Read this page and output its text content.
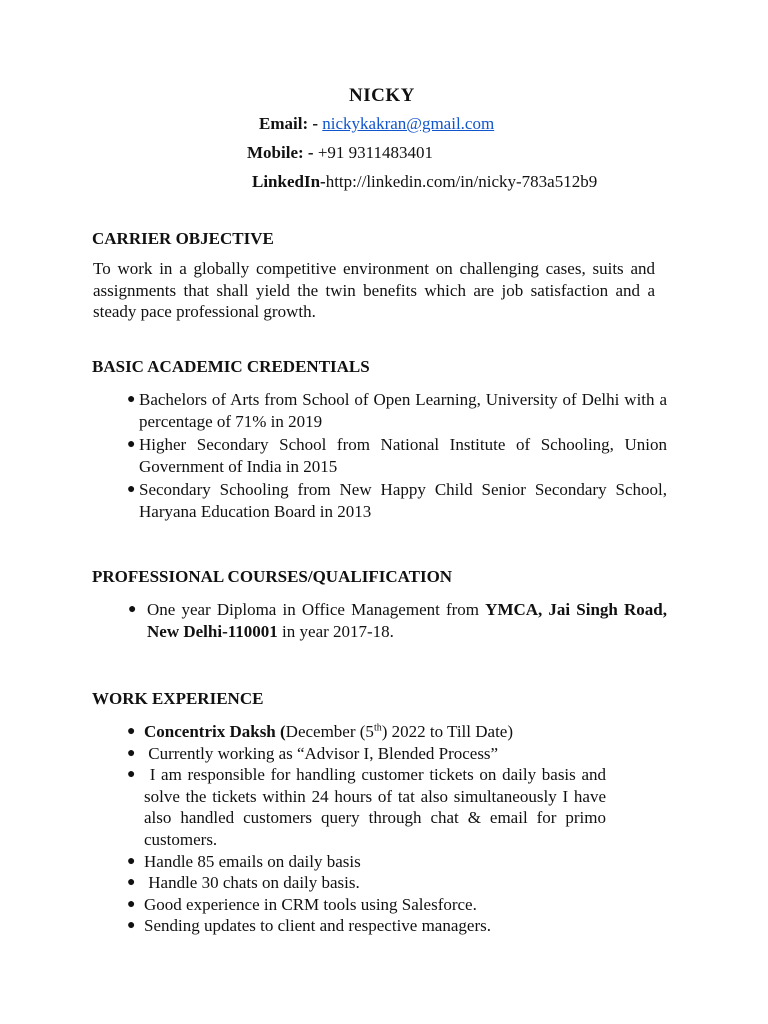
NICKY
Email: - nickykakran@gmail.com
Mobile: - +91 9311483401
LinkedIn-http://linkedin.com/in/nicky-783a512b9
CARRIER OBJECTIVE
To work in a globally competitive environment on challenging cases, suits and assignments that shall yield the twin benefits which are job satisfaction and a steady pace professional growth.
BASIC ACADEMIC CREDENTIALS
● Bachelors of Arts from School of Open Learning, University of Delhi with a percentage of 71% in 2019
● Higher Secondary School from National Institute of Schooling, Union Government of India in 2015
● Secondary Schooling from New Happy Child Senior Secondary School, Haryana Education Board in 2013
PROFESSIONAL COURSES/QUALIFICATION
● One year Diploma in Office Management from YMCA, Jai Singh Road, New Delhi-110001 in year 2017-18.
WORK EXPERIENCE
● Concentrix Daksh (December (5th) 2022 to Till Date)
● Currently working as “Advisor I, Blended Process”
● I am responsible for handling customer tickets on daily basis and solve the tickets within 24 hours of tat also simultaneously I have also handled customers query through chat & email for primo customers.
● Handle 85 emails on daily basis
● Handle 30 chats on daily basis.
● Good experience in CRM tools using Salesforce.
● Sending updates to client and respective managers.
